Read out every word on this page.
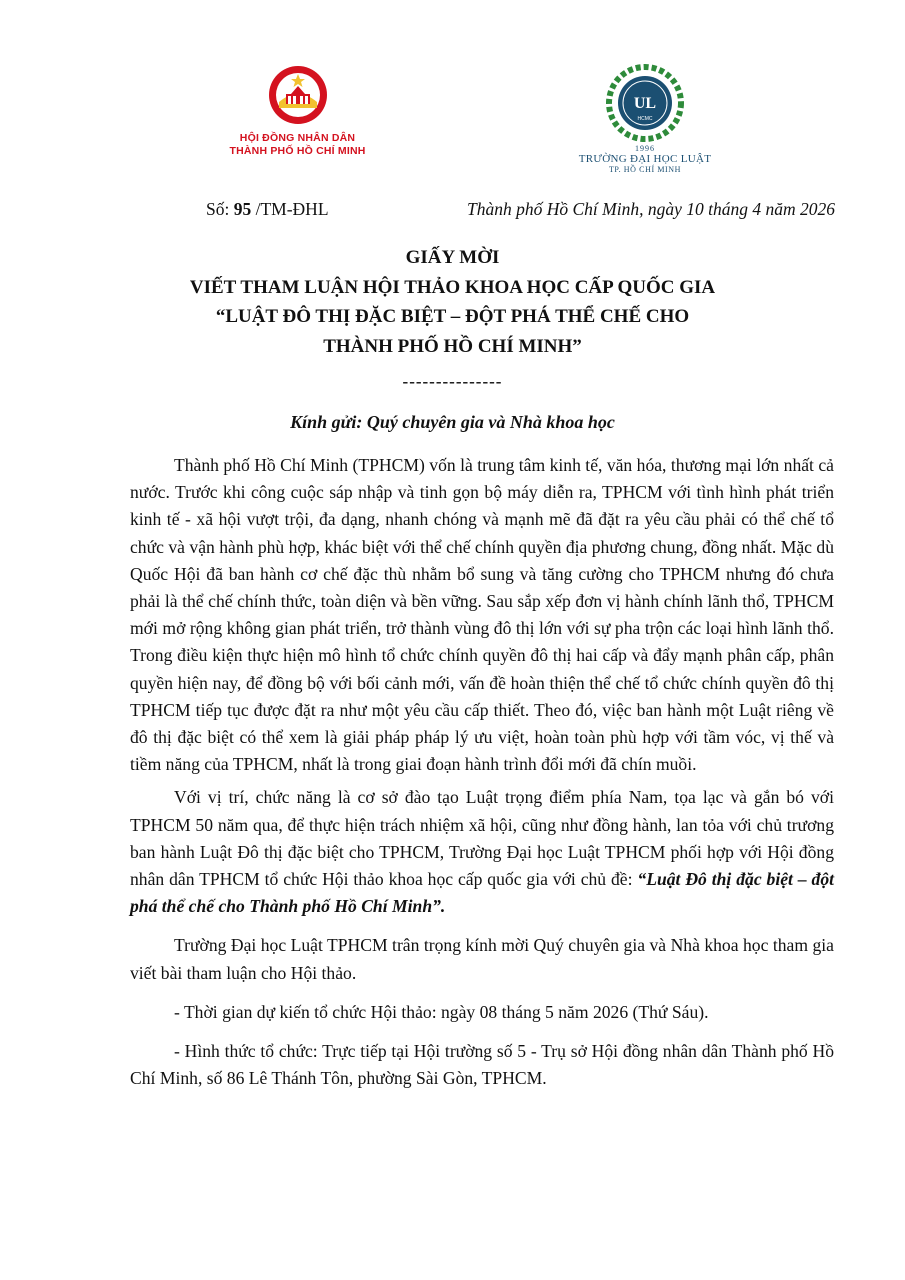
HỘI ĐỒNG NHÂN DÂN
THÀNH PHỐ HỒ CHÍ MINH
UL
HCMC
1996
TRƯỜNG ĐẠI HỌC LUẬT
TP. HỒ CHÍ MINH
Số: 95 /TM-ĐHL	Thành phố Hồ Chí Minh, ngày 10 tháng 4 năm 2026
GIẤY MỜI
VIẾT THAM LUẬN HỘI THẢO KHOA HỌC CẤP QUỐC GIA
“LUẬT ĐÔ THỊ ĐẶC BIỆT – ĐỘT PHÁ THỂ CHẾ CHO
THÀNH PHỐ HỒ CHÍ MINH”
---------------
Kính gửi: Quý chuyên gia và Nhà khoa học

Thành phố Hồ Chí Minh (TPHCM) vốn là trung tâm kinh tế, văn hóa, thương mại lớn nhất cả nước. Trước khi công cuộc sáp nhập và tinh gọn bộ máy diễn ra, TPHCM với tình hình phát triển kinh tế - xã hội vượt trội, đa dạng, nhanh chóng và mạnh mẽ đã đặt ra yêu cầu phải có thể chế tổ chức và vận hành phù hợp, khác biệt với thể chế chính quyền địa phương chung, đồng nhất. Mặc dù Quốc Hội đã ban hành cơ chế đặc thù nhằm bổ sung và tăng cường cho TPHCM nhưng đó chưa phải là thể chế chính thức, toàn diện và bền vững. Sau sắp xếp đơn vị hành chính lãnh thổ, TPHCM mới mở rộng không gian phát triển, trở thành vùng đô thị lớn với sự pha trộn các loại hình lãnh thổ. Trong điều kiện thực hiện mô hình tổ chức chính quyền đô thị hai cấp và đẩy mạnh phân cấp, phân quyền hiện nay, để đồng bộ với bối cảnh mới, vấn đề hoàn thiện thể chế tổ chức chính quyền đô thị TPHCM tiếp tục được đặt ra như một yêu cầu cấp thiết. Theo đó, việc ban hành một Luật riêng về đô thị đặc biệt có thể xem là giải pháp pháp lý ưu việt, hoàn toàn phù hợp với tầm vóc, vị thế và tiềm năng của TPHCM, nhất là trong giai đoạn hành trình đổi mới đã chín muồi.

Với vị trí, chức năng là cơ sở đào tạo Luật trọng điểm phía Nam, tọa lạc và gắn bó với TPHCM 50 năm qua, để thực hiện trách nhiệm xã hội, cũng như đồng hành, lan tỏa với chủ trương ban hành Luật Đô thị đặc biệt cho TPHCM, Trường Đại học Luật TPHCM phối hợp với Hội đồng nhân dân TPHCM tổ chức Hội thảo khoa học cấp quốc gia với chủ đề: “Luật Đô thị đặc biệt – đột phá thể chế cho Thành phố Hồ Chí Minh”.

Trường Đại học Luật TPHCM trân trọng kính mời Quý chuyên gia và Nhà khoa học tham gia viết bài tham luận cho Hội thảo.

- Thời gian dự kiến tổ chức Hội thảo: ngày 08 tháng 5 năm 2026 (Thứ Sáu).

- Hình thức tổ chức: Trực tiếp tại Hội trường số 5 - Trụ sở Hội đồng nhân dân Thành phố Hồ Chí Minh, số 86 Lê Thánh Tôn, phường Sài Gòn, TPHCM.
